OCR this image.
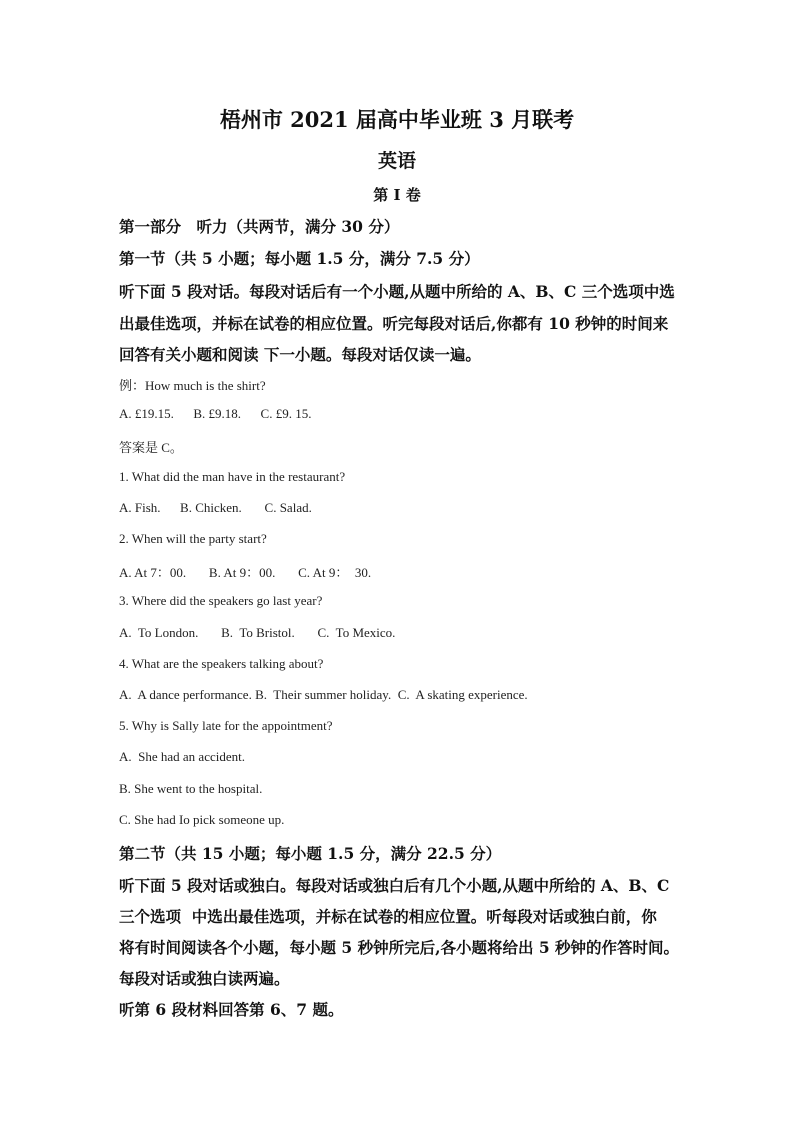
梧州市 2021 届高中毕业班 3 月联考
英语
第 I 卷
第一部分　听力（共两节，满分 30 分）
第一节（共 5 小题；每小题 1.5 分，满分 7.5 分）
听下面 5 段对话。每段对话后有一个小题,从题中所给的 A、B、C 三个选项中选
出最佳选项，并标在试卷的相应位置。听完每段对话后,你都有 10 秒钟的时间来
回答有关小题和阅读 下一小题。每段对话仅读一遍。
例：How much is the shirt?
A. £19.15.      B. £9.18.      C. £9. 15.
答案是 C。
1. What did the man have in the restaurant?
A. Fish.      B. Chicken.       C. Salad.
2. When will the party start?
A. At 7：00.       B. At 9：00.       C. At 9：  30.
3. Where did the speakers go last year?
A.  To London.       B.  To Bristol.       C.  To Mexico.
4. What are the speakers talking about?
A.  A dance performance. B.  Their summer holiday.  C.  A skating experience.
5. Why is Sally late for the appointment?
A.  She had an accident.
B. She went to the hospital.
C. She had Io pick someone up.
第二节（共 15 小题；每小题 1.5 分，满分 22.5 分）
听下面 5 段对话或独白。每段对话或独白后有几个小题,从题中所给的 A、B、C
三个选项  中选出最佳选项，并标在试卷的相应位置。听每段对话或独白前，你
将有时间阅读各个小题，每小题 5 秒钟所完后,各小题将给出 5 秒钟的作答时间。
每段对话或独白读两遍。
听第 6 段材料回答第 6、7 题。
